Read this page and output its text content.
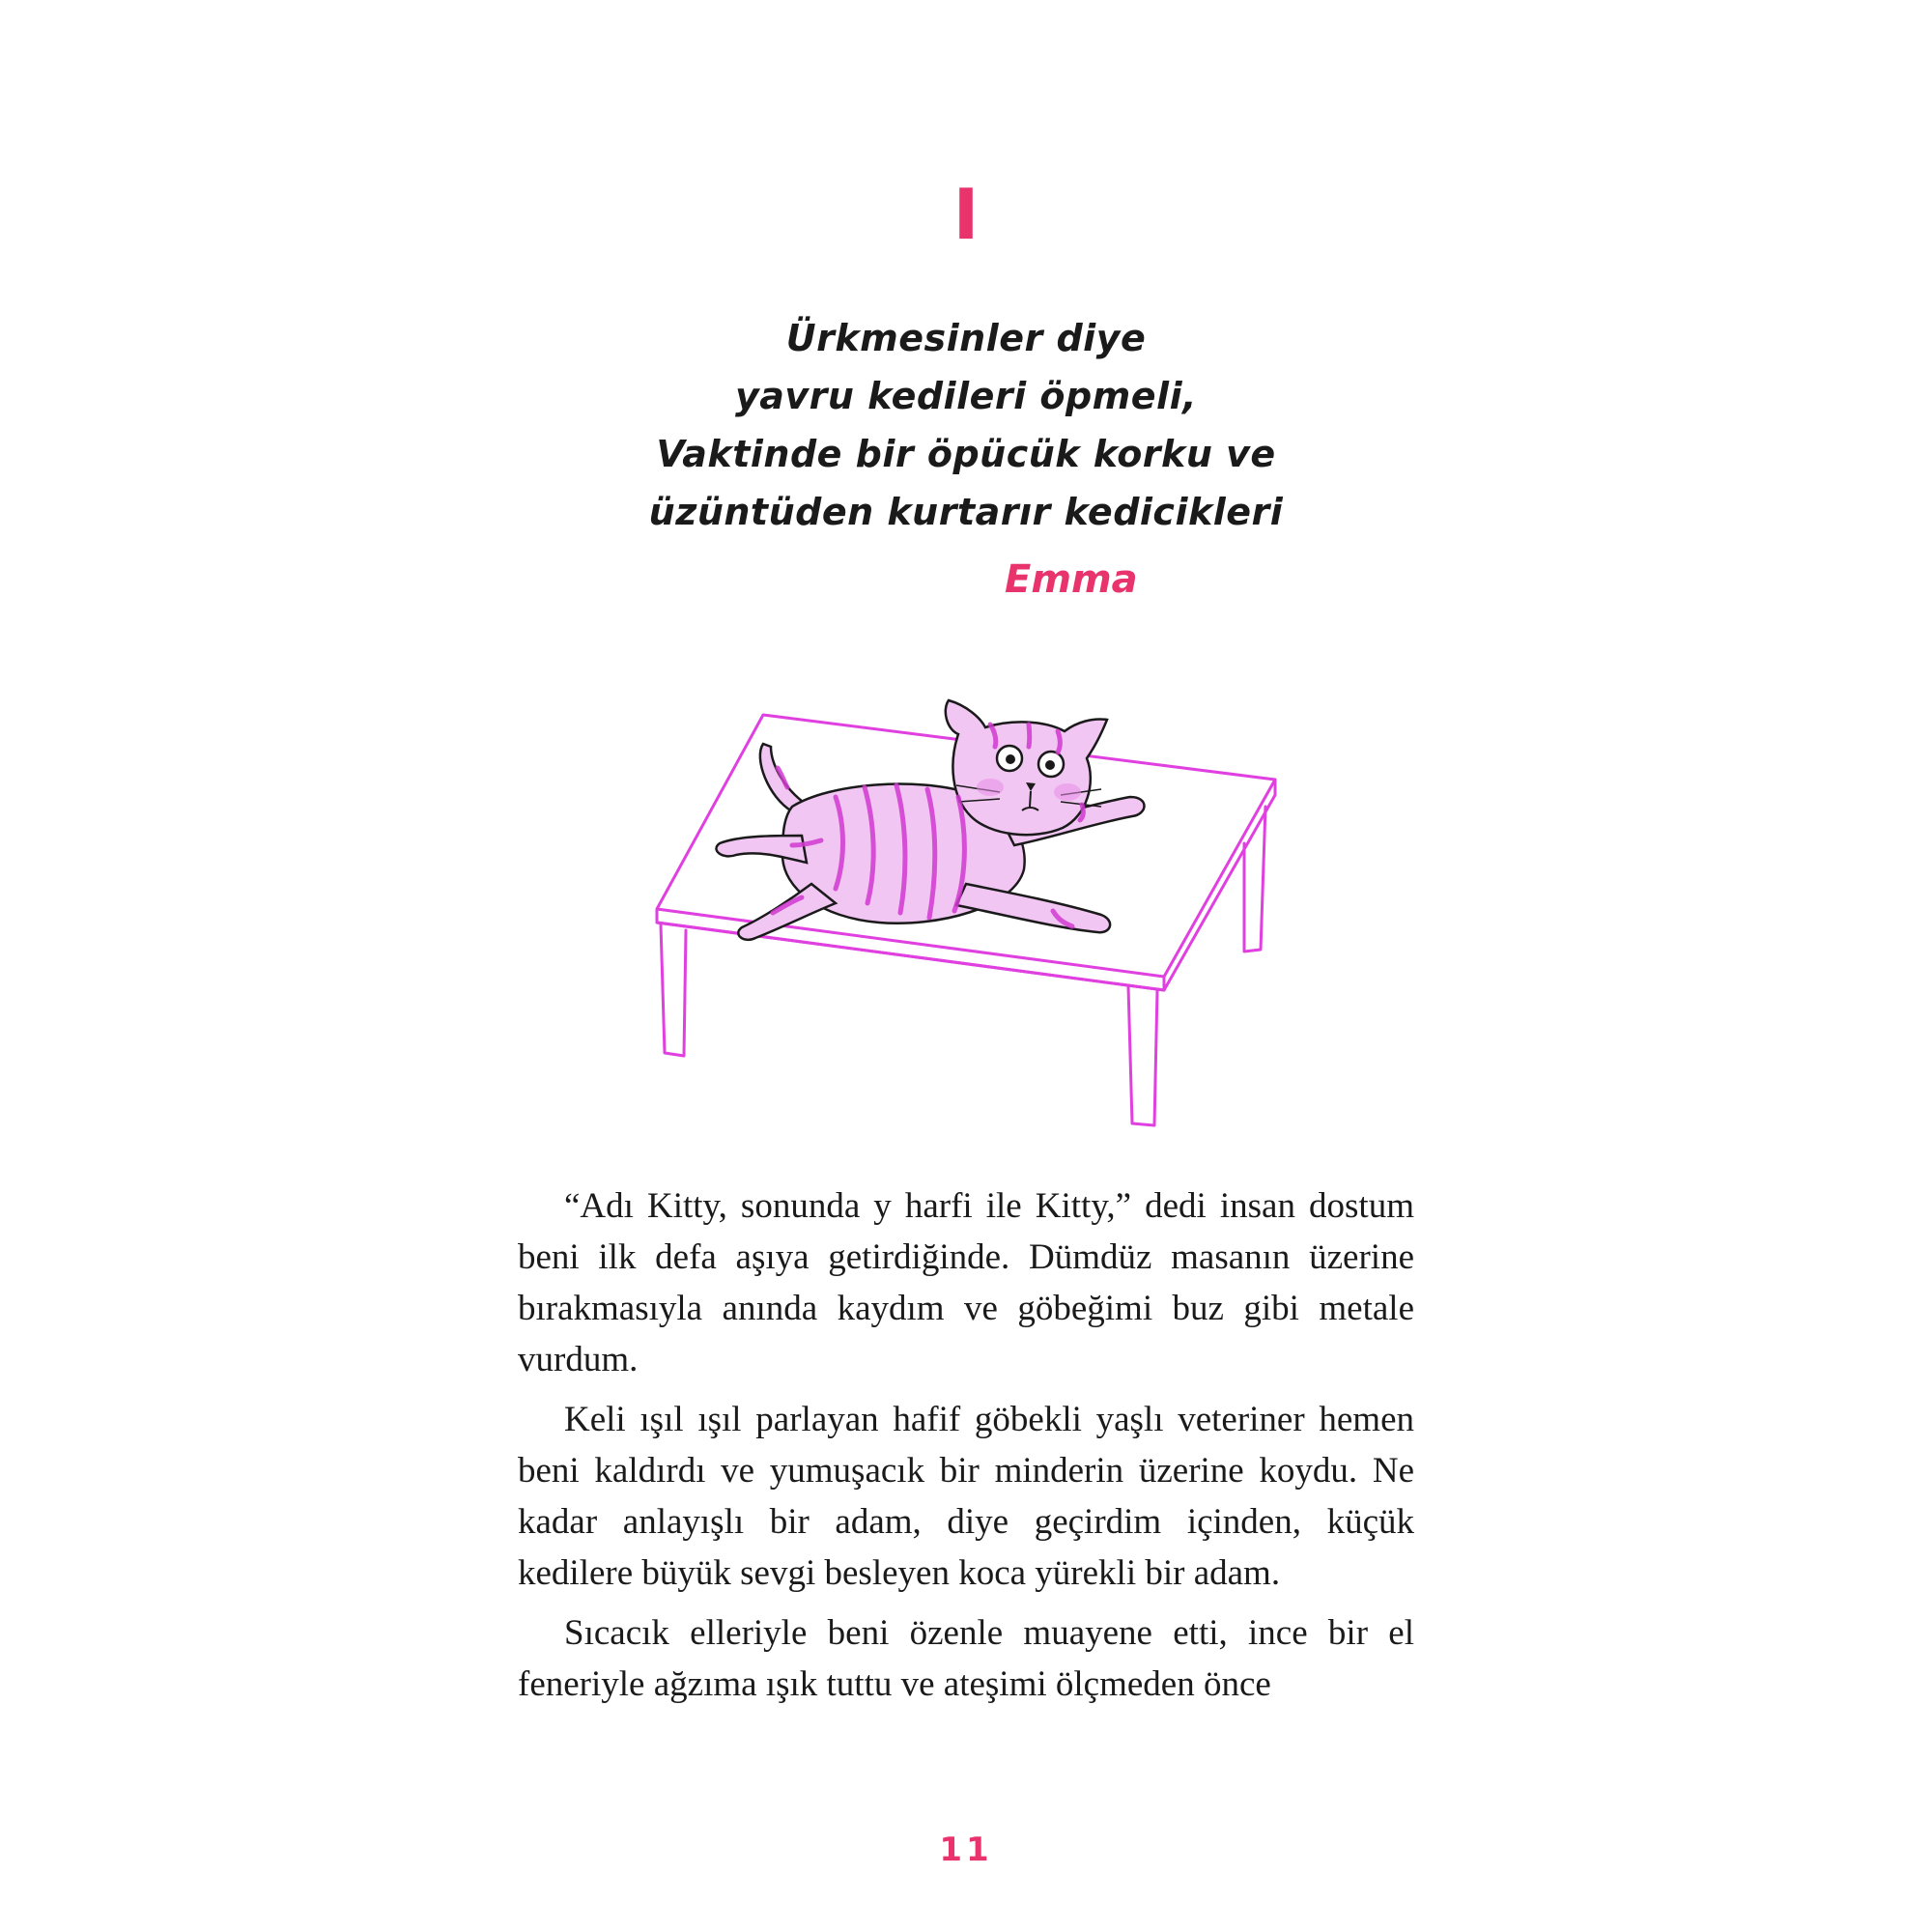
I
Ürkmesinler diye
yavru kedileri öpmeli,
Vaktinde bir öpücük korku ve
üzüntüden kurtarır kedicikleri
Emma

“Adı Kitty, sonunda y harfi ile Kitty,” dedi insan dostum beni ilk defa aşıya getirdiğinde. Dümdüz masanın üzerine bırakmasıyla anında kaydım ve göbeğimi buz gibi metale vurdum.

Keli ışıl ışıl parlayan hafif göbekli yaşlı veteriner hemen beni kaldırdı ve yumuşacık bir minderin üzerine koydu. Ne kadar anlayışlı bir adam, diye geçirdim içinden, küçük kedilere büyük sevgi besleyen koca yürekli bir adam.

Sıcacık elleriyle beni özenle muayene etti, ince bir el feneriyle ağzıma ışık tuttu ve ateşimi ölçmeden önce

11
